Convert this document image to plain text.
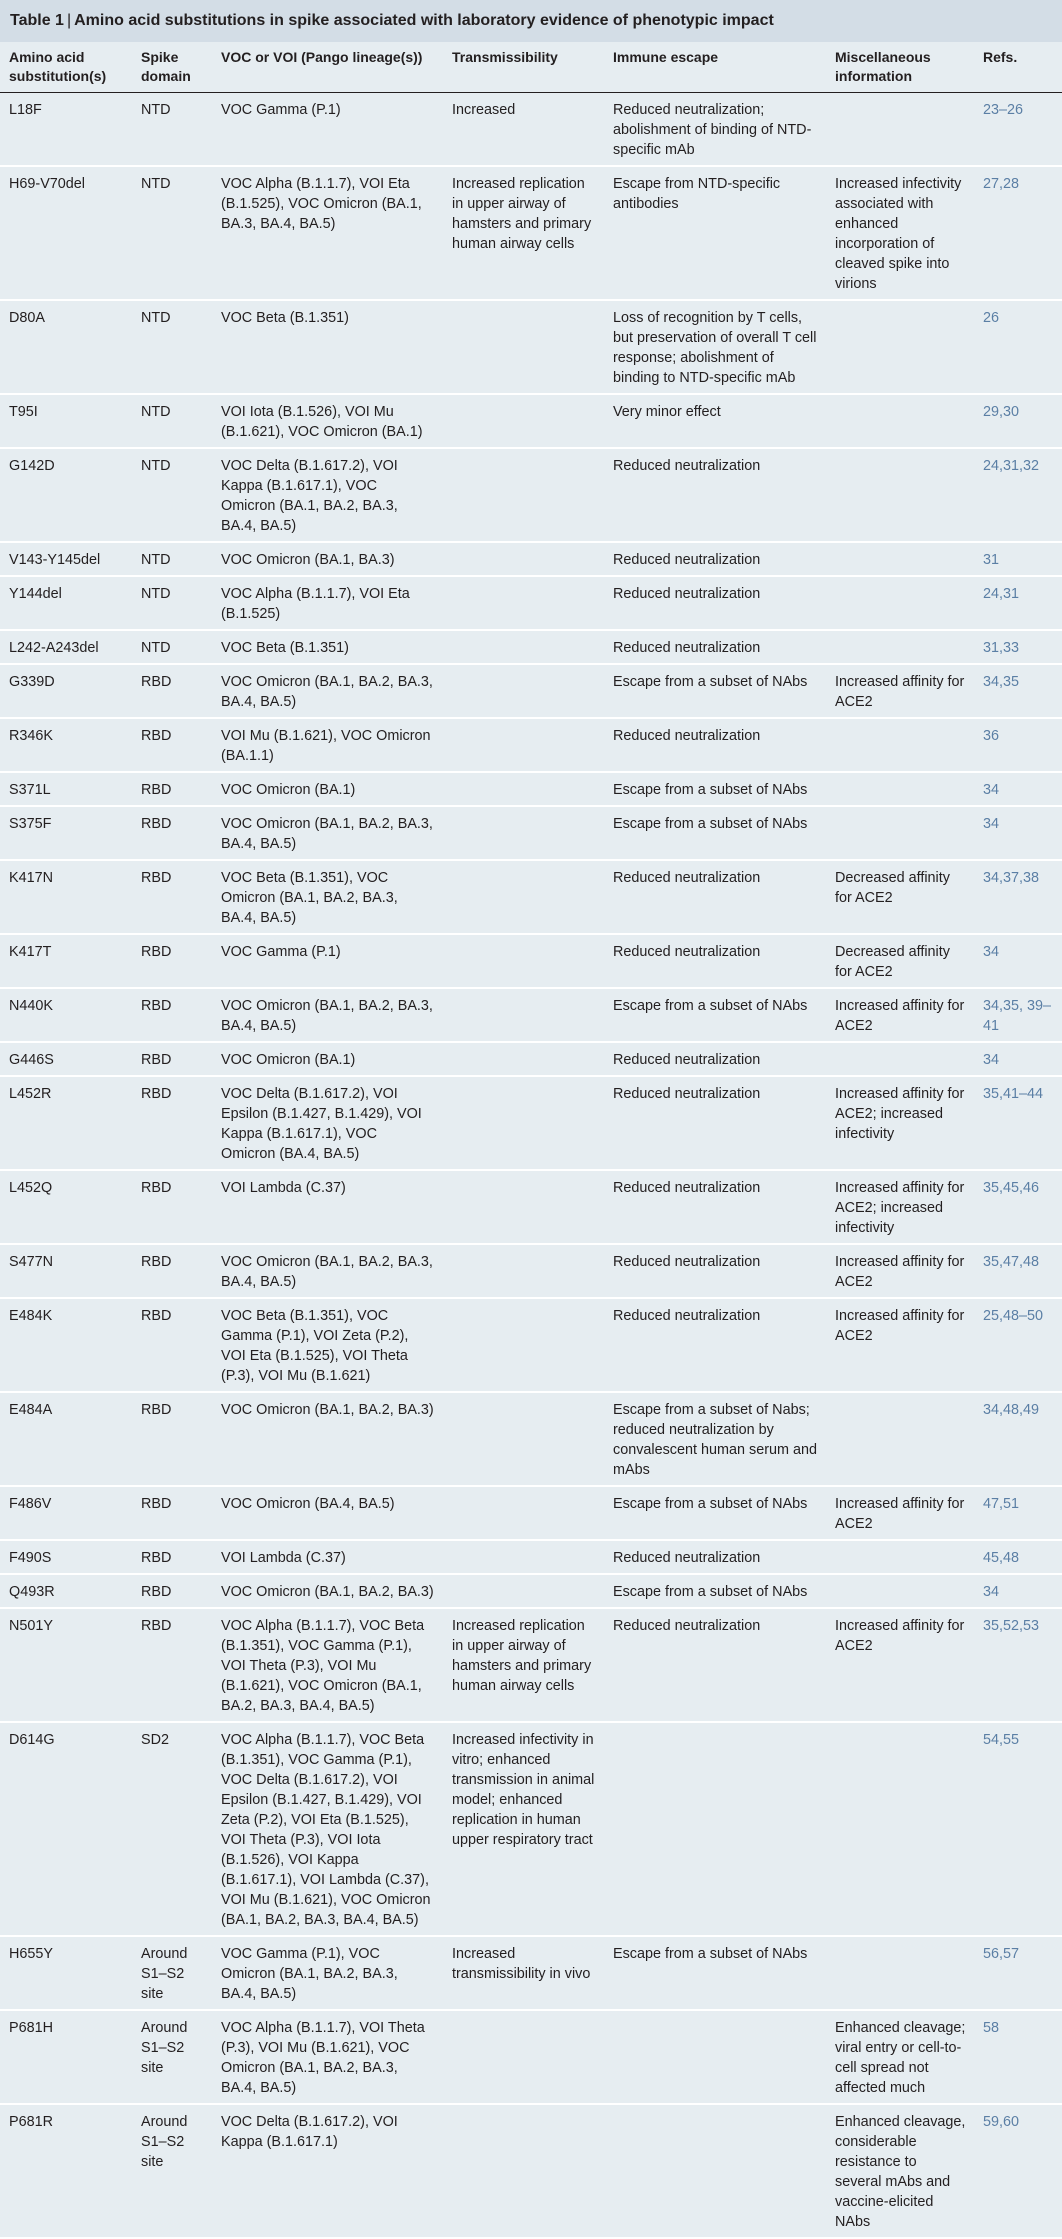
Table 1 | Amino acid substitutions in spike associated with laboratory evidence of phenotypic impact
Amino acid substitution(s)	Spike domain	VOC or VOI (Pango lineage(s))	Transmissibility	Immune escape	Miscellaneous information	Refs.
L18F	NTD	VOC Gamma (P.1)	Increased	Reduced neutralization; abolishment of binding of NTD-specific mAb		23–26
H69-V70del	NTD	VOC Alpha (B.1.1.7), VOI Eta (B.1.525), VOC Omicron (BA.1, BA.3, BA.4, BA.5)	Increased replication in upper airway of hamsters and primary human airway cells	Escape from NTD-specific antibodies	Increased infectivity associated with enhanced incorporation of cleaved spike into virions	27,28
D80A	NTD	VOC Beta (B.1.351)		Loss of recognition by T cells, but preservation of overall T cell response; abolishment of binding to NTD-specific mAb		26
T95I	NTD	VOI Iota (B.1.526), VOI Mu (B.1.621), VOC Omicron (BA.1)		Very minor effect		29,30
G142D	NTD	VOC Delta (B.1.617.2), VOI Kappa (B.1.617.1), VOC Omicron (BA.1, BA.2, BA.3, BA.4, BA.5)		Reduced neutralization		24,31,32
V143-Y145del	NTD	VOC Omicron (BA.1, BA.3)		Reduced neutralization		31
Y144del	NTD	VOC Alpha (B.1.1.7), VOI Eta (B.1.525)		Reduced neutralization		24,31
L242-A243del	NTD	VOC Beta (B.1.351)		Reduced neutralization		31,33
G339D	RBD	VOC Omicron (BA.1, BA.2, BA.3, BA.4, BA.5)		Escape from a subset of NAbs	Increased affinity for ACE2	34,35
R346K	RBD	VOI Mu (B.1.621), VOC Omicron (BA.1.1)		Reduced neutralization		36
S371L	RBD	VOC Omicron (BA.1)		Escape from a subset of NAbs		34
S375F	RBD	VOC Omicron (BA.1, BA.2, BA.3, BA.4, BA.5)		Escape from a subset of NAbs		34
K417N	RBD	VOC Beta (B.1.351), VOC Omicron (BA.1, BA.2, BA.3, BA.4, BA.5)		Reduced neutralization	Decreased affinity for ACE2	34,37,38
K417T	RBD	VOC Gamma (P.1)		Reduced neutralization	Decreased affinity for ACE2	34
N440K	RBD	VOC Omicron (BA.1, BA.2, BA.3, BA.4, BA.5)		Escape from a subset of NAbs	Increased affinity for ACE2	34,35, 39–41
G446S	RBD	VOC Omicron (BA.1)		Reduced neutralization		34
L452R	RBD	VOC Delta (B.1.617.2), VOI Epsilon (B.1.427, B.1.429), VOI Kappa (B.1.617.1), VOC Omicron (BA.4, BA.5)		Reduced neutralization	Increased affinity for ACE2; increased infectivity	35,41–44
L452Q	RBD	VOI Lambda (C.37)		Reduced neutralization	Increased affinity for ACE2; increased infectivity	35,45,46
S477N	RBD	VOC Omicron (BA.1, BA.2, BA.3, BA.4, BA.5)		Reduced neutralization	Increased affinity for ACE2	35,47,48
E484K	RBD	VOC Beta (B.1.351), VOC Gamma (P.1), VOI Zeta (P.2), VOI Eta (B.1.525), VOI Theta (P.3), VOI Mu (B.1.621)		Reduced neutralization	Increased affinity for ACE2	25,48–50
E484A	RBD	VOC Omicron (BA.1, BA.2, BA.3)		Escape from a subset of Nabs; reduced neutralization by convalescent human serum and mAbs		34,48,49
F486V	RBD	VOC Omicron (BA.4, BA.5)		Escape from a subset of NAbs	Increased affinity for ACE2	47,51
F490S	RBD	VOI Lambda (C.37)		Reduced neutralization		45,48
Q493R	RBD	VOC Omicron (BA.1, BA.2, BA.3)		Escape from a subset of NAbs		34
N501Y	RBD	VOC Alpha (B.1.1.7), VOC Beta (B.1.351), VOC Gamma (P.1), VOI Theta (P.3), VOI Mu (B.1.621), VOC Omicron (BA.1, BA.2, BA.3, BA.4, BA.5)	Increased replication in upper airway of hamsters and primary human airway cells	Reduced neutralization	Increased affinity for ACE2	35,52,53
D614G	SD2	VOC Alpha (B.1.1.7), VOC Beta (B.1.351), VOC Gamma (P.1), VOC Delta (B.1.617.2), VOI Epsilon (B.1.427, B.1.429), VOI Zeta (P.2), VOI Eta (B.1.525), VOI Theta (P.3), VOI Iota (B.1.526), VOI Kappa (B.1.617.1), VOI Lambda (C.37), VOI Mu (B.1.621), VOC Omicron (BA.1, BA.2, BA.3, BA.4, BA.5)	Increased infectivity in vitro; enhanced transmission in animal model; enhanced replication in human upper respiratory tract			54,55
H655Y	Around S1–S2 site	VOC Gamma (P.1), VOC Omicron (BA.1, BA.2, BA.3, BA.4, BA.5)	Increased transmissibility in vivo	Escape from a subset of NAbs		56,57
P681H	Around S1–S2 site	VOC Alpha (B.1.1.7), VOI Theta (P.3), VOI Mu (B.1.621), VOC Omicron (BA.1, BA.2, BA.3, BA.4, BA.5)			Enhanced cleavage; viral entry or cell-to-cell spread not affected much	58
P681R	Around S1–S2 site	VOC Delta (B.1.617.2), VOI Kappa (B.1.617.1)			Enhanced cleavage, considerable resistance to several mAbs and vaccine-elicited NAbs	59,60
